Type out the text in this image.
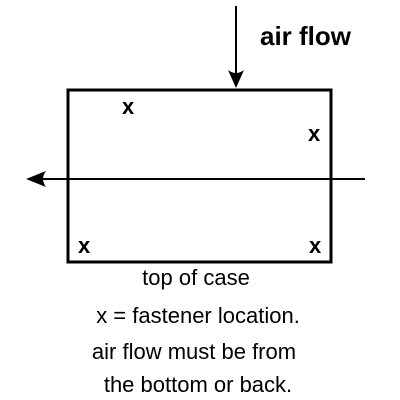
air flow
x
x
x	x
top of case
x = fastener location.
air flow must be from
the bottom or back.
